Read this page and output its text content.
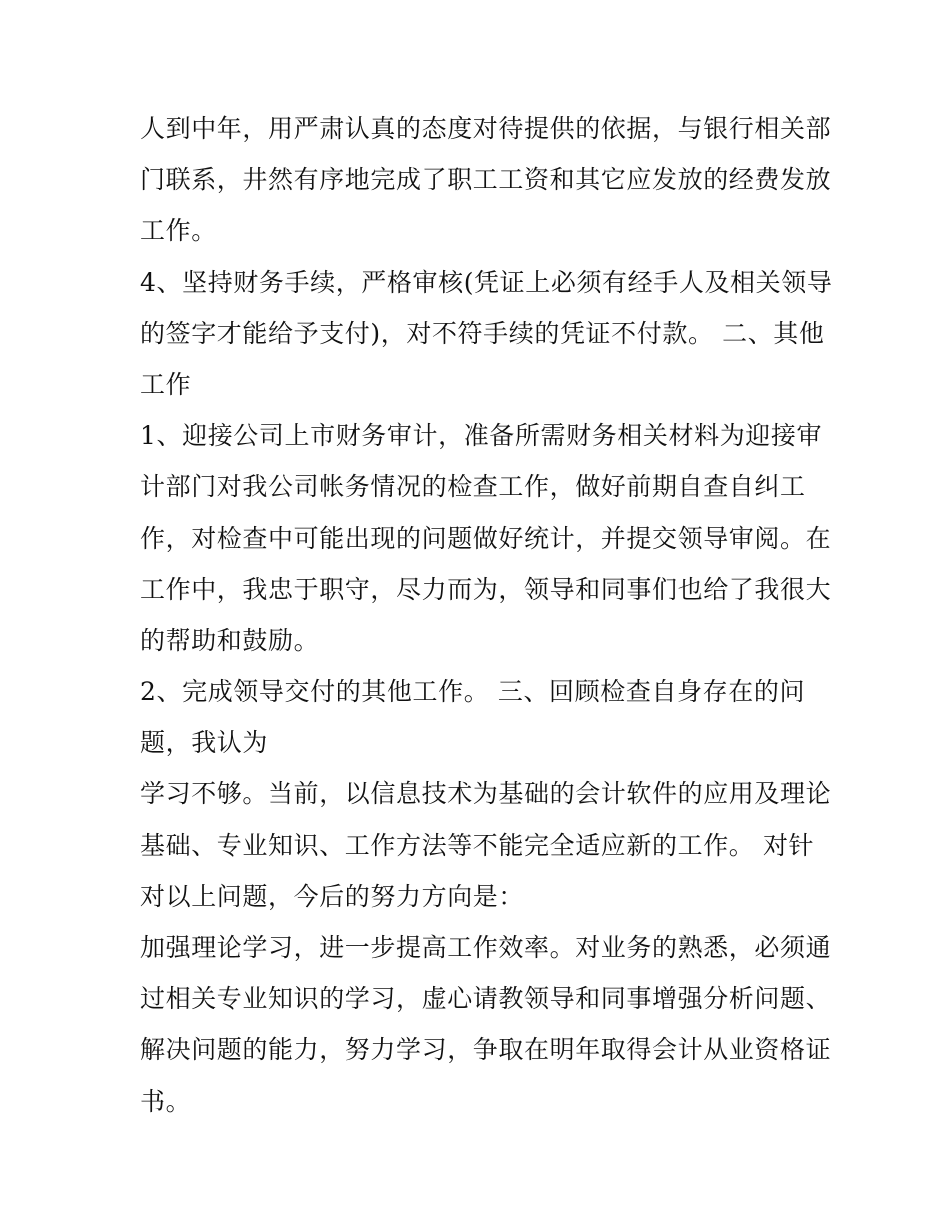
人到中年，用严肃认真的态度对待提供的依据，与银行相关部
门联系，井然有序地完成了职工工资和其它应发放的经费发放
工作。
4、坚持财务手续，严格审核(凭证上必须有经手人及相关领导
的签字才能给予支付)，对不符手续的凭证不付款。 二、其他
工作
1、迎接公司上市财务审计，准备所需财务相关材料为迎接审
计部门对我公司帐务情况的检查工作，做好前期自查自纠工
作，对检查中可能出现的问题做好统计，并提交领导审阅。在
工作中，我忠于职守，尽力而为，领导和同事们也给了我很大
的帮助和鼓励。
2、完成领导交付的其他工作。 三、回顾检查自身存在的问
题，我认为
学习不够。当前，以信息技术为基础的会计软件的应用及理论
基础、专业知识、工作方法等不能完全适应新的工作。 对针
对以上问题，今后的努力方向是：
加强理论学习，进一步提高工作效率。对业务的熟悉，必须通
过相关专业知识的学习，虚心请教领导和同事增强分析问题、
解决问题的能力，努力学习，争取在明年取得会计从业资格证
书。
